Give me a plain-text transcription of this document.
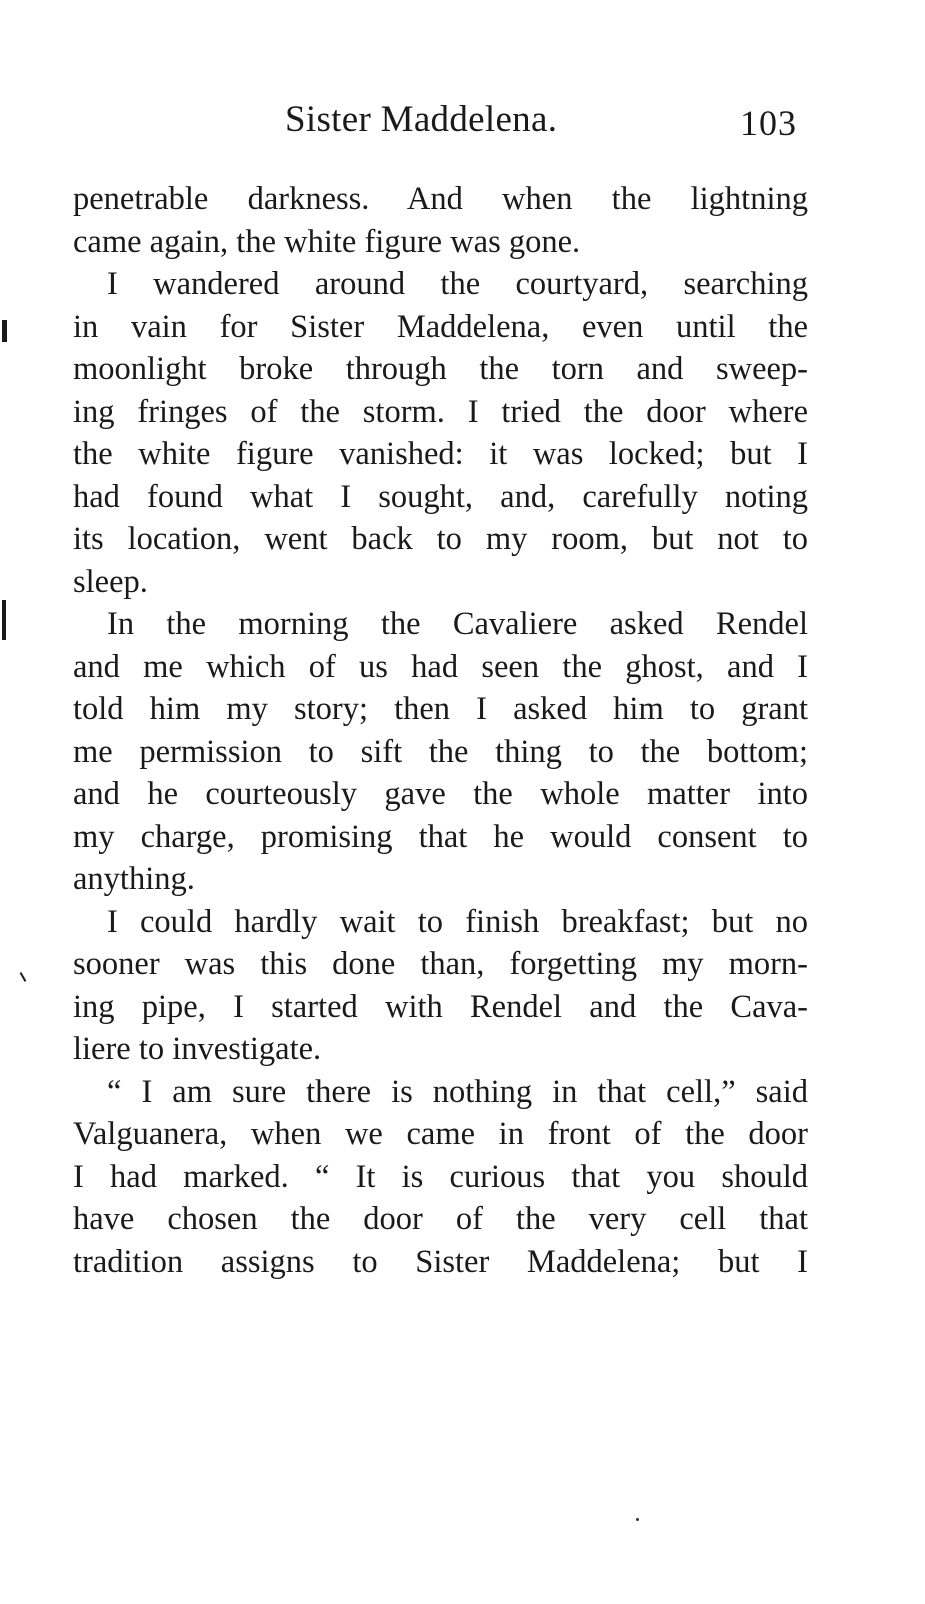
Sister Maddelena.	103
penetrable darkness. And when the lightning
came again, the white figure was gone.
I wandered around the courtyard, searching
in vain for Sister Maddelena, even until the
moonlight broke through the torn and sweep-
ing fringes of the storm. I tried the door where
the white figure vanished: it was locked; but I
had found what I sought, and, carefully noting
its location, went back to my room, but not to
sleep.
In the morning the Cavaliere asked Rendel
and me which of us had seen the ghost, and I
told him my story; then I asked him to grant
me permission to sift the thing to the bottom;
and he courteously gave the whole matter into
my charge, promising that he would consent to
anything.
I could hardly wait to finish breakfast; but no
sooner was this done than, forgetting my morn-
ing pipe, I started with Rendel and the Cava-
liere to investigate.
“ I am sure there is nothing in that cell,” said
Valguanera, when we came in front of the door
I had marked. “ It is curious that you should
have chosen the door of the very cell that
tradition assigns to Sister Maddelena; but I
